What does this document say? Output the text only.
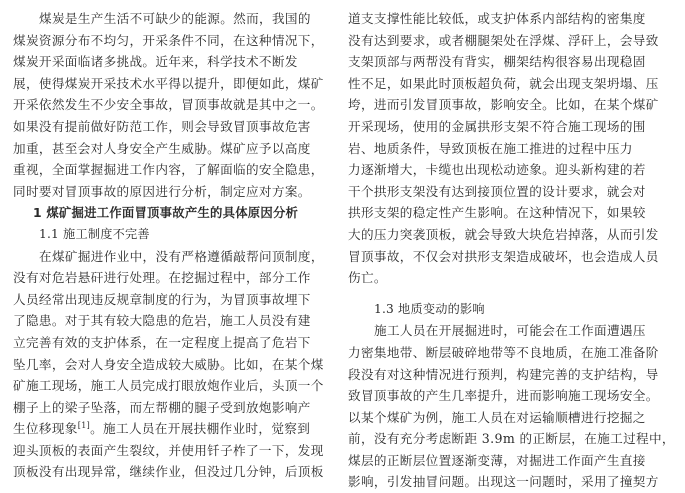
煤炭是生产生活不可缺少的能源。然而，我国的
煤炭资源分布不均匀，开采条件不同，在这种情况下，
煤炭开采面临诸多挑战。近年来，科学技术不断发
展，使得煤炭开采技术水平得以提升，即便如此，煤矿
开采依然发生不少安全事故，冒顶事故就是其中之一。
如果没有提前做好防范工作，则会导致冒顶事故危害
加重，甚至会对人身安全产生威胁。煤矿应予以高度
重视，全面掌握掘进工作内容，了解面临的安全隐患，
同时要对冒顶事故的原因进行分析，制定应对方案。
1 煤矿掘进工作面冒顶事故产生的具体原因分析
1.1 施工制度不完善
在煤矿掘进作业中，没有严格遵循敲帮问顶制度，
没有对危岩悬矸进行处理。在挖掘过程中，部分工作
人员经常出现违反规章制度的行为，为冒顶事故埋下
了隐患。对于其有较大隐患的危岩，施工人员没有建
立完善有效的支护体系，在一定程度上提高了危岩下
坠几率，会对人身安全造成较大威胁。比如，在某个煤
矿施工现场，施工人员完成打眼放炮作业后，头顶一个
棚子上的梁子坠落，而左帮棚的腿子受到放炮影响产
生位移现象[1]。施工人员在开展扶棚作业时，觉察到
迎头顶板的表面产生裂纹，并使用钎子柞了一下，发现
顶板没有出现异常，继续作业，但没过几分钟，后顶板
道支支撑性能比较低，或支护体系内部结构的密集度
没有达到要求，或者棚腿架处在浮煤、浮矸上，会导致
支架顶部与两帮没有背实，棚架结构很容易出现稳固
性不足，如果此时顶板超负荷，就会出现支架坍塌、压
垮，进而引发冒顶事故，影响安全。比如，在某个煤矿
开采现场，使用的金属拱形支架不符合施工现场的围
岩、地质条件，导致顶板在施工推进的过程中压力
力逐渐增大，卡缆也出现松动迹象。迎头新构建的若
干个拱形支架没有达到接顶位置的设计要求，就会对
拱形支架的稳定性产生影响。在这种情况下，如果较
大的压力突袭顶板，就会导致大块危岩掉落，从而引发
冒顶事故，不仅会对拱形支架造成破坏，也会造成人员
伤亡。
1.3 地质变动的影响
施工人员在开展掘进时，可能会在工作面遭遇压
力密集地带、断层破碎地带等不良地质，在施工准备阶
段没有对这种情况进行预判，构建完善的支护结构，导
致冒顶事故的产生几率提升，进而影响施工现场安全。
以某个煤矿为例，施工人员在对运输顺槽进行挖掘之
前，没有充分考虑断距 3.9m 的正断层，在施工过程中，
煤层的正断层位置逐渐变薄，对掘进工作面产生直接
影响，引发抽冒问题。出现这一问题时，采用了撞契方
